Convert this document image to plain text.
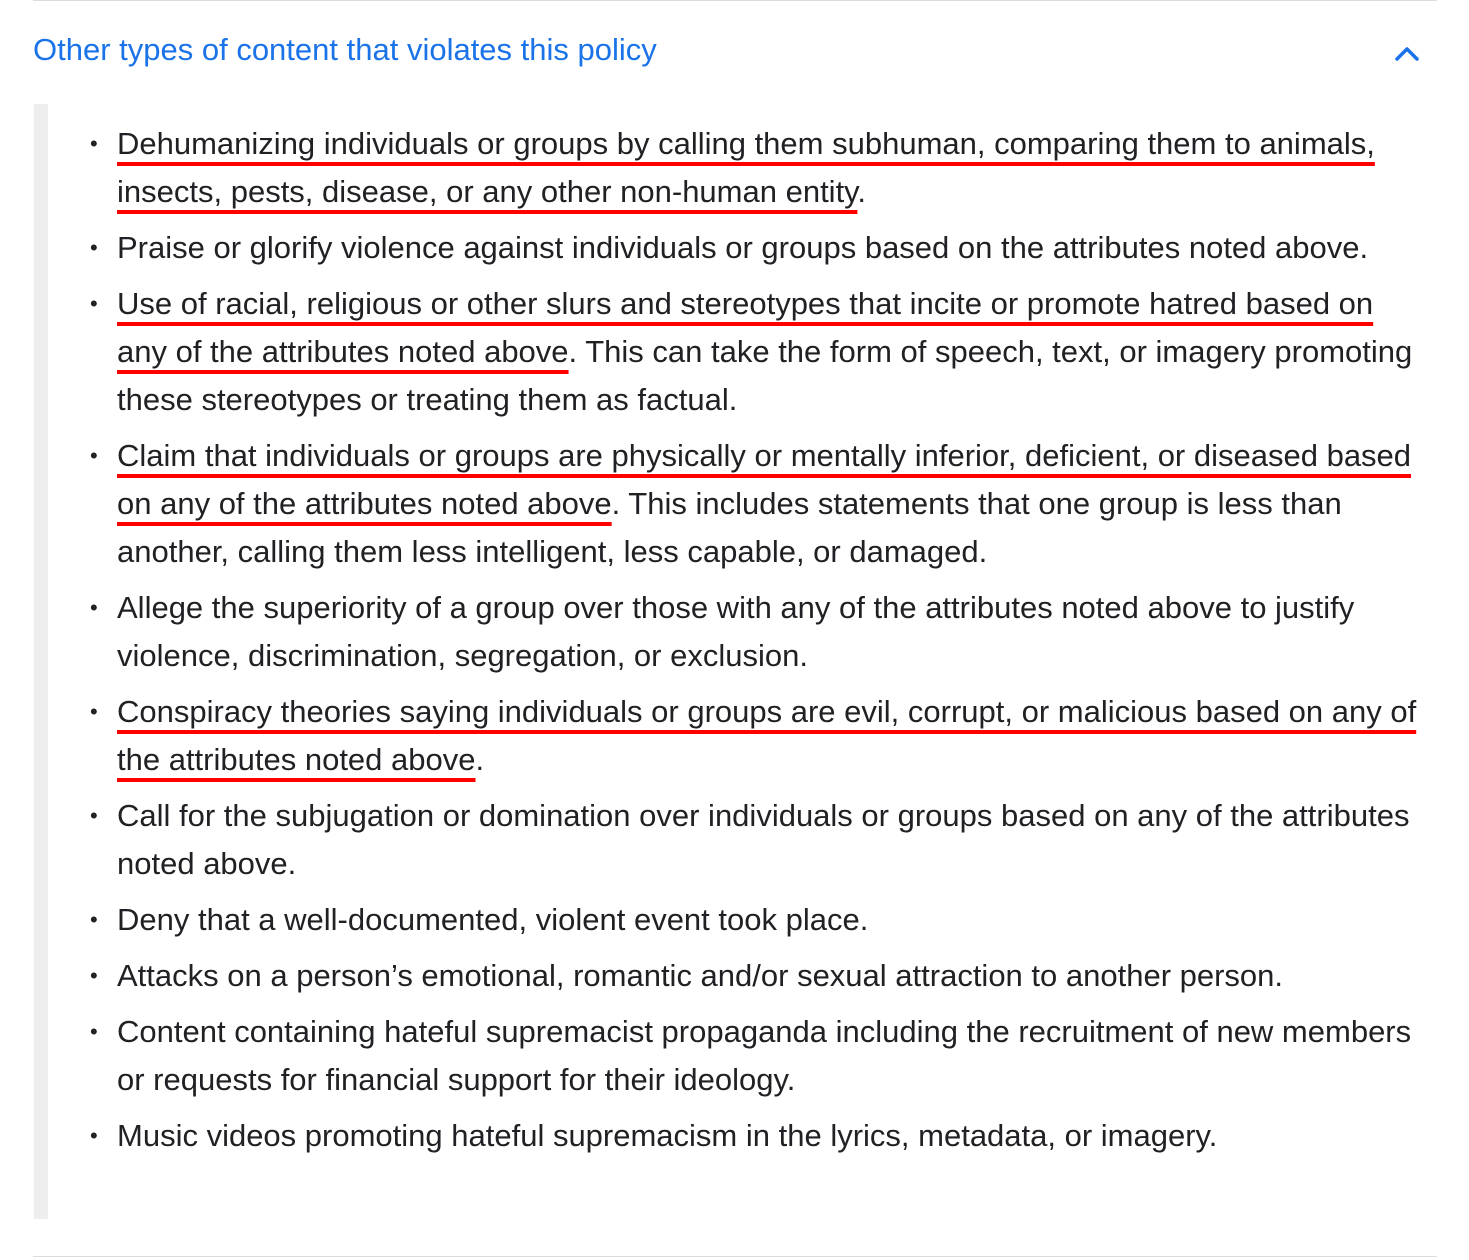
Other types of content that violates this policy
• Dehumanizing individuals or groups by calling them subhuman, comparing them to animals, insects, pests, disease, or any other non-human entity.
• Praise or glorify violence against individuals or groups based on the attributes noted above.
• Use of racial, religious or other slurs and stereotypes that incite or promote hatred based on any of the attributes noted above. This can take the form of speech, text, or imagery promoting these stereotypes or treating them as factual.
• Claim that individuals or groups are physically or mentally inferior, deficient, or diseased based on any of the attributes noted above. This includes statements that one group is less than another, calling them less intelligent, less capable, or damaged.
• Allege the superiority of a group over those with any of the attributes noted above to justify violence, discrimination, segregation, or exclusion.
• Conspiracy theories saying individuals or groups are evil, corrupt, or malicious based on any of the attributes noted above.
• Call for the subjugation or domination over individuals or groups based on any of the attributes noted above.
• Deny that a well-documented, violent event took place.
• Attacks on a person’s emotional, romantic and/or sexual attraction to another person.
• Content containing hateful supremacist propaganda including the recruitment of new members or requests for financial support for their ideology.
• Music videos promoting hateful supremacism in the lyrics, metadata, or imagery.
